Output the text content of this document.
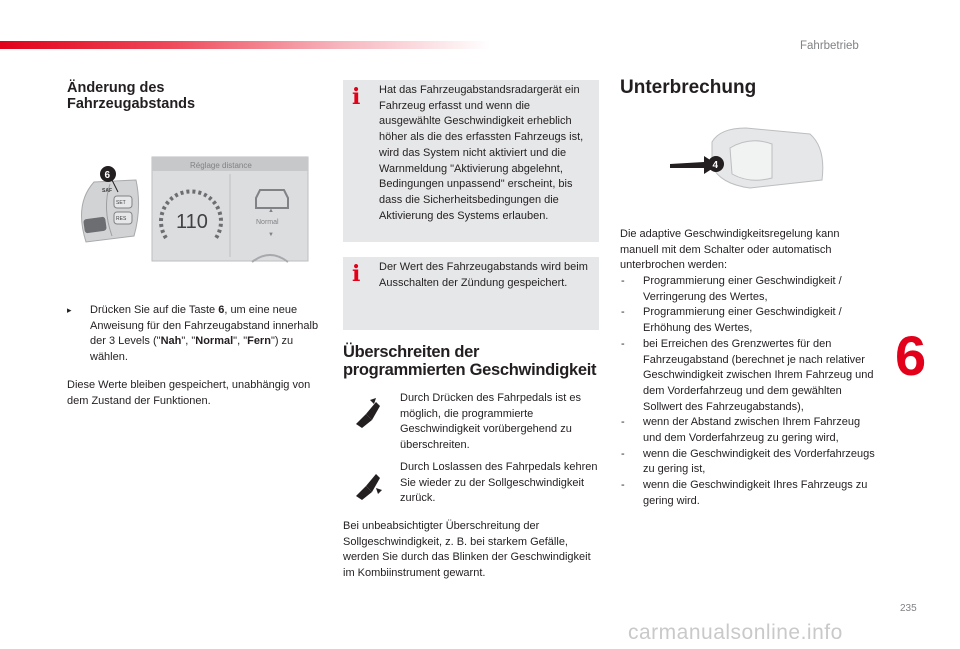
Fahrbetrieb
6
235
Änderung des Fahrzeugabstands
6
SAF
SET
RES
Réglage distance
110	▲
Normal
▼
▸ Drücken Sie auf die Taste 6, um eine neue Anweisung für den Fahrzeugabstand innerhalb der 3 Levels ("Nah", "Normal", "Fern") zu wählen.
Diese Werte bleiben gespeichert, unabhängig von dem Zustand der Funktionen.
i Hat das Fahrzeugabstandsradargerät ein Fahrzeug erfasst und wenn die ausgewählte Geschwindigkeit erheblich höher als die des erfassten Fahrzeugs ist, wird das System nicht aktiviert und die Warnmeldung "Aktivierung abgelehnt, Bedingungen unpassend" erscheint, bis dass die Sicherheitsbedingungen die Aktivierung des Systems erlauben.
i Der Wert des Fahrzeugabstands wird beim Ausschalten der Zündung gespeichert.
Überschreiten der programmierten Geschwindigkeit
Durch Drücken des Fahrpedals ist es möglich, die programmierte Geschwindigkeit vorübergehend zu überschreiten.
Durch Loslassen des Fahrpedals kehren Sie wieder zu der Sollgeschwindigkeit zurück.
Bei unbeabsichtigter Überschreitung der Sollgeschwindigkeit, z. B. bei starkem Gefälle, werden Sie durch das Blinken der Geschwindigkeit im Kombiinstrument gewarnt.
Unterbrechung
4
Die adaptive Geschwindigkeitsregelung kann manuell mit dem Schalter oder automatisch unterbrochen werden:
- Programmierung einer Geschwindigkeit / Verringerung des Wertes,
- Programmierung einer Geschwindigkeit / Erhöhung des Wertes,
- bei Erreichen des Grenzwertes für den Fahrzeugabstand (berechnet je nach relativer Geschwindigkeit zwischen Ihrem Fahrzeug und dem Vorderfahrzeug und dem gewählten Sollwert des Fahrzeugabstands),
- wenn der Abstand zwischen Ihrem Fahrzeug und dem Vorderfahrzeug zu gering wird,
- wenn die Geschwindigkeit des Vorderfahrzeugs zu gering ist,
- wenn die Geschwindigkeit Ihres Fahrzeugs zu gering wird.
carmanualsonline.info
